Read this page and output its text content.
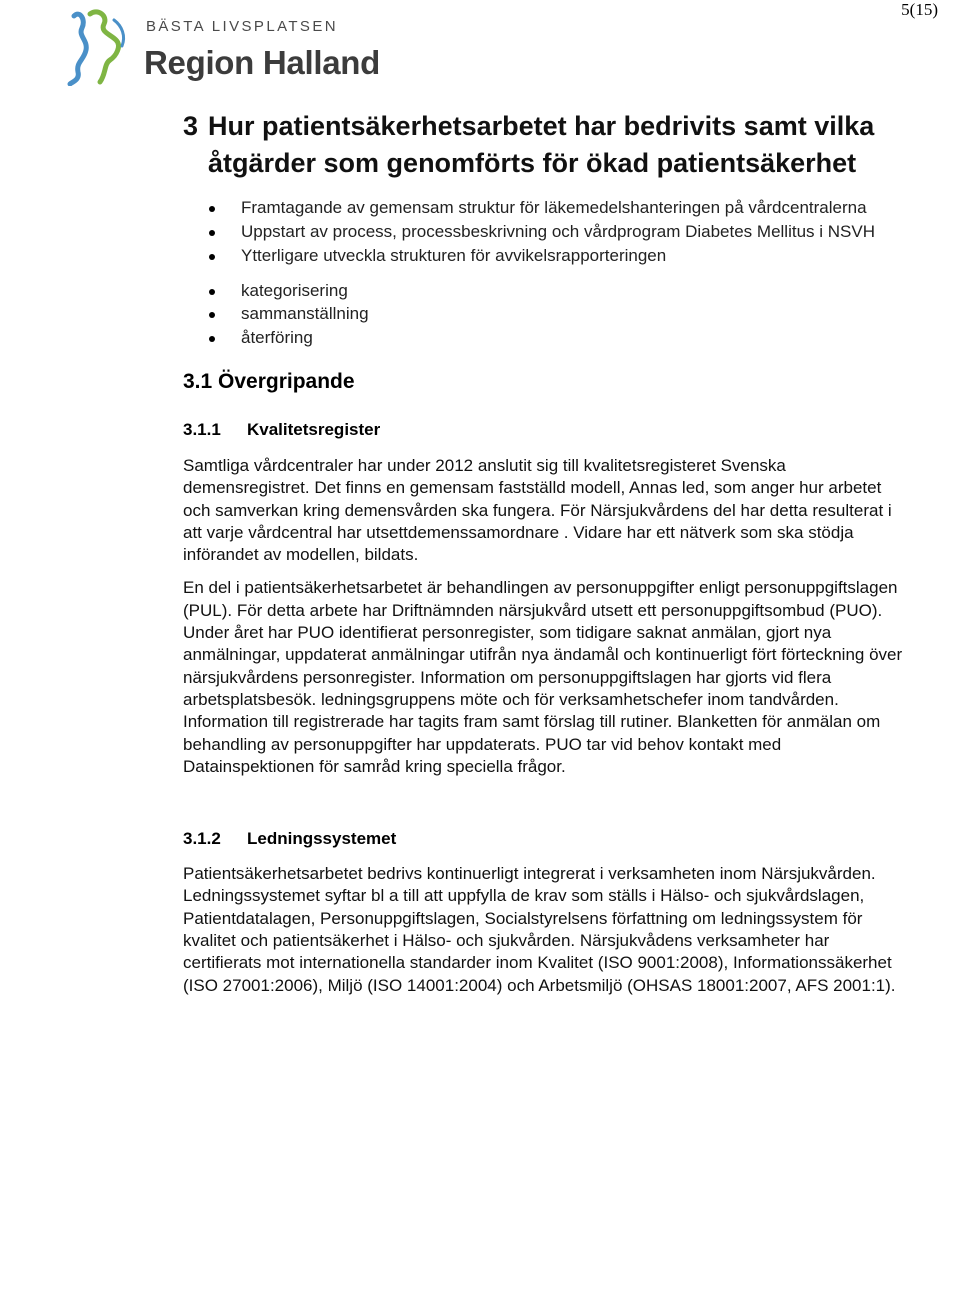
5(15)
BÄSTA LIVSPLATSEN
Region Halland
3 Hur patientsäkerhetsarbetet har bedrivits samt vilka åtgärder som genomförts för ökad patientsäkerhet
Framtagande av gemensam struktur för läkemedelshanteringen på vårdcentralerna
Uppstart av process, processbeskrivning och vårdprogram Diabetes Mellitus i NSVH
Ytterligare utveckla strukturen för avvikelsrapporteringen
kategorisering
sammanställning
återföring
3.1 Övergripande
3.1.1	Kvalitetsregister

Samtliga vårdcentraler har under 2012 anslutit sig till kvalitetsregisteret Svenska demensregistret. Det finns en gemensam fastställd modell, Annas led, som anger hur arbetet och samverkan kring demensvården ska fungera. För Närsjukvårdens del har detta resulterat i att varje vårdcentral har utsettdemenssamordnare . Vidare har ett nätverk som ska stödja införandet av modellen, bildats.

En del i patientsäkerhetsarbetet är behandlingen av personuppgifter enligt personuppgiftslagen (PUL). För detta arbete har Driftnämnden närsjukvård utsett ett personuppgiftsombud (PUO). Under året har PUO identifierat personregister, som tidigare saknat anmälan, gjort nya anmälningar, uppdaterat anmälningar utifrån nya ändamål och kontinuerligt fört förteckning över närsjukvårdens personregister. Information om personuppgiftslagen har gjorts vid flera arbetsplatsbesök. ledningsgruppens möte och för verksamhetschefer inom tandvården. Information till registrerade har tagits fram samt förslag till rutiner. Blanketten för anmälan om behandling av personuppgifter har uppdaterats. PUO tar vid behov kontakt med Datainspektionen för samråd kring speciella frågor.

3.1.2	Ledningssystemet

Patientsäkerhetsarbetet bedrivs kontinuerligt integrerat i verksamheten inom Närsjukvården. Ledningssystemet syftar bl a till att uppfylla de krav som ställs i Hälso- och sjukvårdslagen, Patientdatalagen, Personuppgiftslagen, Socialstyrelsens författning om ledningssystem för kvalitet och patientsäkerhet i Hälso- och sjukvården. Närsjukvådens verksamheter har certifierats mot internationella standarder inom Kvalitet (ISO 9001:2008), Informationssäkerhet (ISO 27001:2006), Miljö (ISO 14001:2004) och Arbetsmiljö (OHSAS 18001:2007, AFS 2001:1).
